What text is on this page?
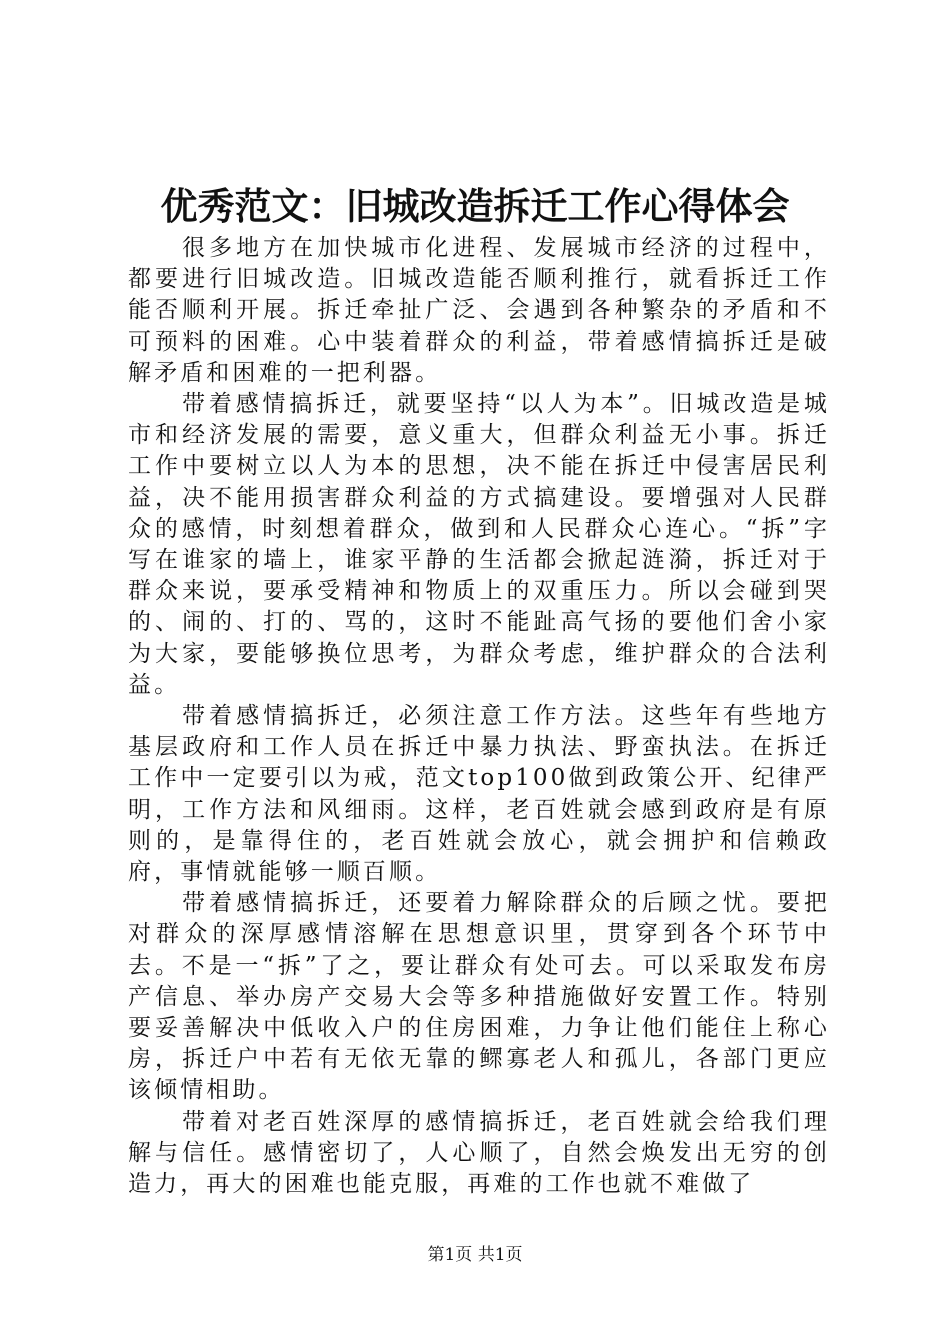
优秀范文：旧城改造拆迁工作心得体会

很多地方在加快城市化进程、发展城市经济的过程中，都要进行旧城改造。旧城改造能否顺利推行，就看拆迁工作能否顺利开展。拆迁牵扯广泛、会遇到各种繁杂的矛盾和不可预料的困难。心中装着群众的利益，带着感情搞拆迁是破解矛盾和困难的一把利器。

带着感情搞拆迁，就要坚持“以人为本”。旧城改造是城市和经济发展的需要，意义重大，但群众利益无小事。拆迁工作中要树立以人为本的思想，决不能在拆迁中侵害居民利益，决不能用损害群众利益的方式搞建设。要增强对人民群众的感情，时刻想着群众，做到和人民群众心连心。“拆”字写在谁家的墙上，谁家平静的生活都会掀起涟漪，拆迁对于群众来说，要承受精神和物质上的双重压力。所以会碰到哭的、闹的、打的、骂的，这时不能趾高气扬的要他们舍小家为大家，要能够换位思考，为群众考虑，维护群众的合法利益。

带着感情搞拆迁，必须注意工作方法。这些年有些地方基层政府和工作人员在拆迁中暴力执法、野蛮执法。在拆迁工作中一定要引以为戒，范文top100做到政策公开、纪律严明，工作方法和风细雨。这样，老百姓就会感到政府是有原则的，是靠得住的，老百姓就会放心，就会拥护和信赖政府，事情就能够一顺百顺。

带着感情搞拆迁，还要着力解除群众的后顾之忧。要把对群众的深厚感情溶解在思想意识里，贯穿到各个环节中去。不是一“拆”了之，要让群众有处可去。可以采取发布房产信息、举办房产交易大会等多种措施做好安置工作。特别要妥善解决中低收入户的住房困难，力争让他们能住上称心房，拆迁户中若有无依无靠的鳏寡老人和孤儿，各部门更应该倾情相助。

带着对老百姓深厚的感情搞拆迁，老百姓就会给我们理解与信任。感情密切了，人心顺了，自然会焕发出无穷的创造力，再大的困难也能克服，再难的工作也就不难做了

第1页 共1页
